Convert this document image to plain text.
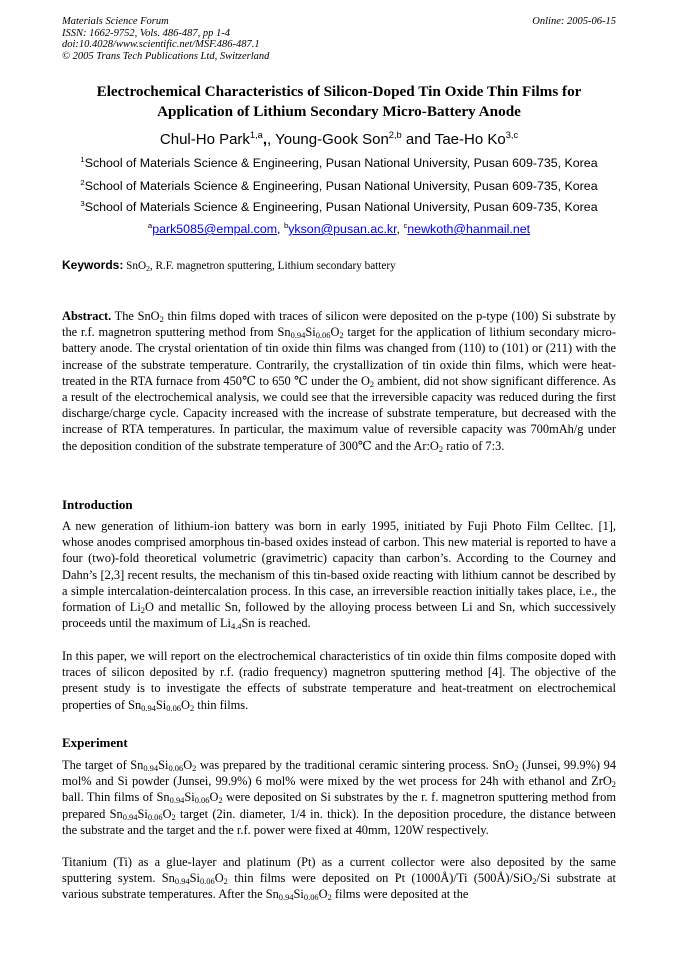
Materials Science Forum
ISSN: 1662-9752, Vols. 486-487, pp 1-4
doi:10.4028/www.scientific.net/MSF.486-487.1
© 2005 Trans Tech Publications Ltd, Switzerland
Online: 2005-06-15
Electrochemical Characteristics of Silicon-Doped Tin Oxide Thin Films for
Application of Lithium Secondary Micro-Battery Anode
Chul-Ho Park$^{1,a}$,, Young-Gook Son$^{2,b}$ and Tae-Ho Ko$^{3,c}$
$^1$School of Materials Science & Engineering, Pusan National University, Pusan 609-735, Korea
$^2$School of Materials Science & Engineering, Pusan National University, Pusan 609-735, Korea
$^3$School of Materials Science & Engineering, Pusan National University, Pusan 609-735, Korea
$^a$park5085@empal.com, $^b$ykson@pusan.ac.kr, $^c$newkoth@hanmail.net
Keywords: SnO$_2$, R.F. magnetron sputtering, Lithium secondary battery
Abstract. The SnO$_2$ thin films doped with traces of silicon were deposited on the p-type (100) Si substrate by the r.f. magnetron sputtering method from $Sn_{0.94}Si_{0.06}O_2$ target for the application of lithium secondary micro-battery anode. The crystal orientation of tin oxide thin films was changed from (110) to (101) or (211) with the increase of the substrate temperature. Contrarily, the crystallization of tin oxide thin films, which were heat-treated in the RTA furnace from 450℃ to 650 ℃ under the $O_2$ ambient, did not show significant difference. As a result of the electrochemical analysis, we could see that the irreversible capacity was reduced during the first discharge/charge cycle. Capacity increased with the increase of substrate temperature, but decreased with the increase of RTA temperatures. In particular, the maximum value of reversible capacity was 700mAh/g under the deposition condition of the substrate temperature of 300℃ and the $Ar:O_2$ ratio of 7:3.
Introduction
A new generation of lithium-ion battery was born in early 1995, initiated by Fuji Photo Film Celltec. [1], whose anodes comprised amorphous tin-based oxides instead of carbon. This new material is reported to have a four (two)-fold theoretical volumetric (gravimetric) capacity than carbon’s. According to the Courney and Dahn’s [2,3] recent results, the mechanism of this tin-based oxide reacting with lithium cannot be described by a simple intercalation-deintercalation process. In this case, an irreversible reaction initially takes place, i.e., the formation of $Li_2O$ and metallic Sn, followed by the alloying process between Li and Sn, which successively proceeds until the maximum of $Li_{4.4}Sn$ is reached.
In this paper, we will report on the electrochemical characteristics of tin oxide thin films composite doped with traces of silicon deposited by r.f. (radio frequency) magnetron sputtering method [4]. The objective of the present study is to investigate the effects of substrate temperature and heat-treatment on electrochemical properties of $Sn_{0.94}Si_{0.06}O_2$ thin films.
Experiment
The target of $Sn_{0.94}Si_{0.06}O_2$ was prepared by the traditional ceramic sintering process. SnO$_2$ (Junsei, 99.9%) 94 mol% and Si powder (Junsei, 99.9%) 6 mol% were mixed by the wet process for 24h with ethanol and ZrO$_2$ ball. Thin films of $Sn_{0.94}Si_{0.06}O_2$ were deposited on Si substrates by the r. f. magnetron sputtering method from prepared $Sn_{0.94}Si_{0.06}O_2$ target (2in. diameter, 1/4 in. thick). In the deposition procedure, the distance between the substrate and the target and the r.f. power were fixed at 40mm, 120W respectively.
Titanium (Ti) as a glue-layer and platinum (Pt) as a current collector were also deposited by the same sputtering system. $Sn_{0.94}Si_{0.06}O_2$ thin films were deposited on Pt (1000Å)/Ti (500Å)/SiO$_2$/Si substrate at various substrate temperatures. After the $Sn_{0.94}Si_{0.06}O_2$ films were deposited at the
